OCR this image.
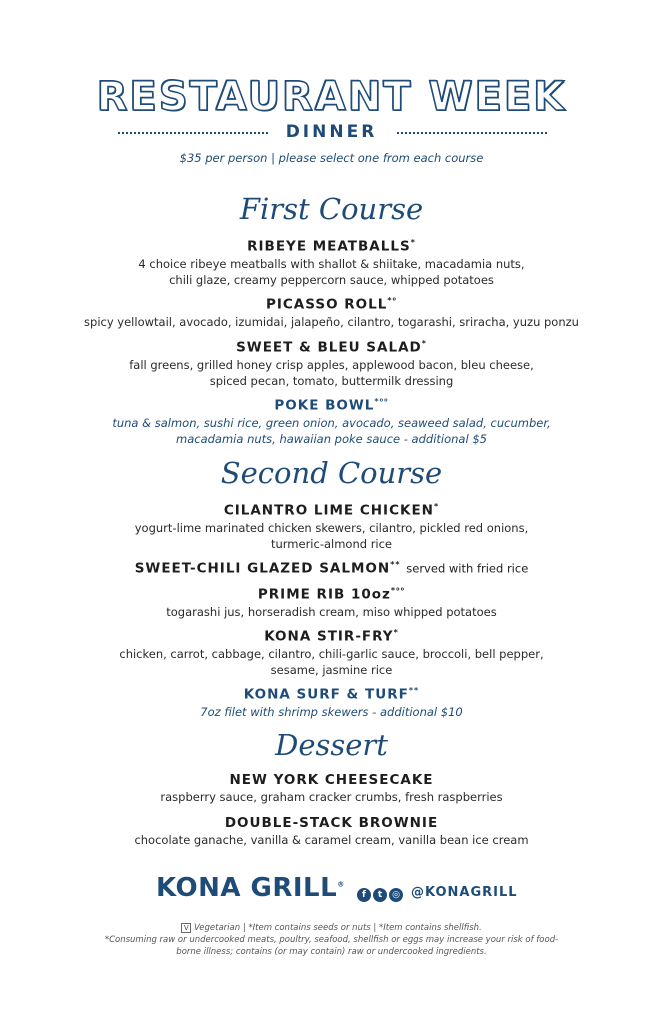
RESTAURANT WEEK
DINNER
$35 per person | please select one from each course
First Course
RIBEYE MEATBALLS*
4 choice ribeye meatballs with shallot & shiitake, macadamia nuts,
chili glaze, creamy peppercorn sauce, whipped potatoes
PICASSO $ROLL^{*^0}$
spicy yellowtail, avocado, izumidai, jalapeño, cilantro, togarashi, sriracha, yuzu ponzu
SWEET & BLEU SALAD*
fall greens, grilled honey crisp apples, applewood bacon, bleu cheese,
spiced pecan, tomato, buttermilk dressing
POKE $BOWL^{*^{00}}$
tuna & salmon, sushi rice, green onion, avocado, seaweed salad, cucumber,
macadamia nuts, hawaiian poke sauce - additional $5
Second Course
CILANTRO LIME CHICKEN*
yogurt-lime marinated chicken skewers, cilantro, pickled red onions,
turmeric-almond rice
SWEET-CHILI GLAZED SALMON** served with fried rice
PRIME RIB $10oz^{*^{00}}$
togarashi jus, horseradish cream, miso whipped potatoes
KONA STIR-FRY*
chicken, carrot, cabbage, cilantro, chili-garlic sauce, broccoli, bell pepper,
sesame, jasmine rice
KONA SURF & TURF**
7oz filet with shrimp skewers - additional $10
Dessert
NEW YORK CHEESECAKE
raspberry sauce, graham cracker crumbs, fresh raspberries
DOUBLE-STACK BROWNIE
chocolate ganache, vanilla & caramel cream, vanilla bean ice cream
KONA GRILL®
f t ◎ @KONAGRILL
V Vegetarian | *Item contains seeds or nuts | *Item contains shellfish.
*Consuming raw or undercooked meats, poultry, seafood, shellfish or eggs may increase your risk of food-
borne illness; contains (or may contain) raw or undercooked ingredients.
